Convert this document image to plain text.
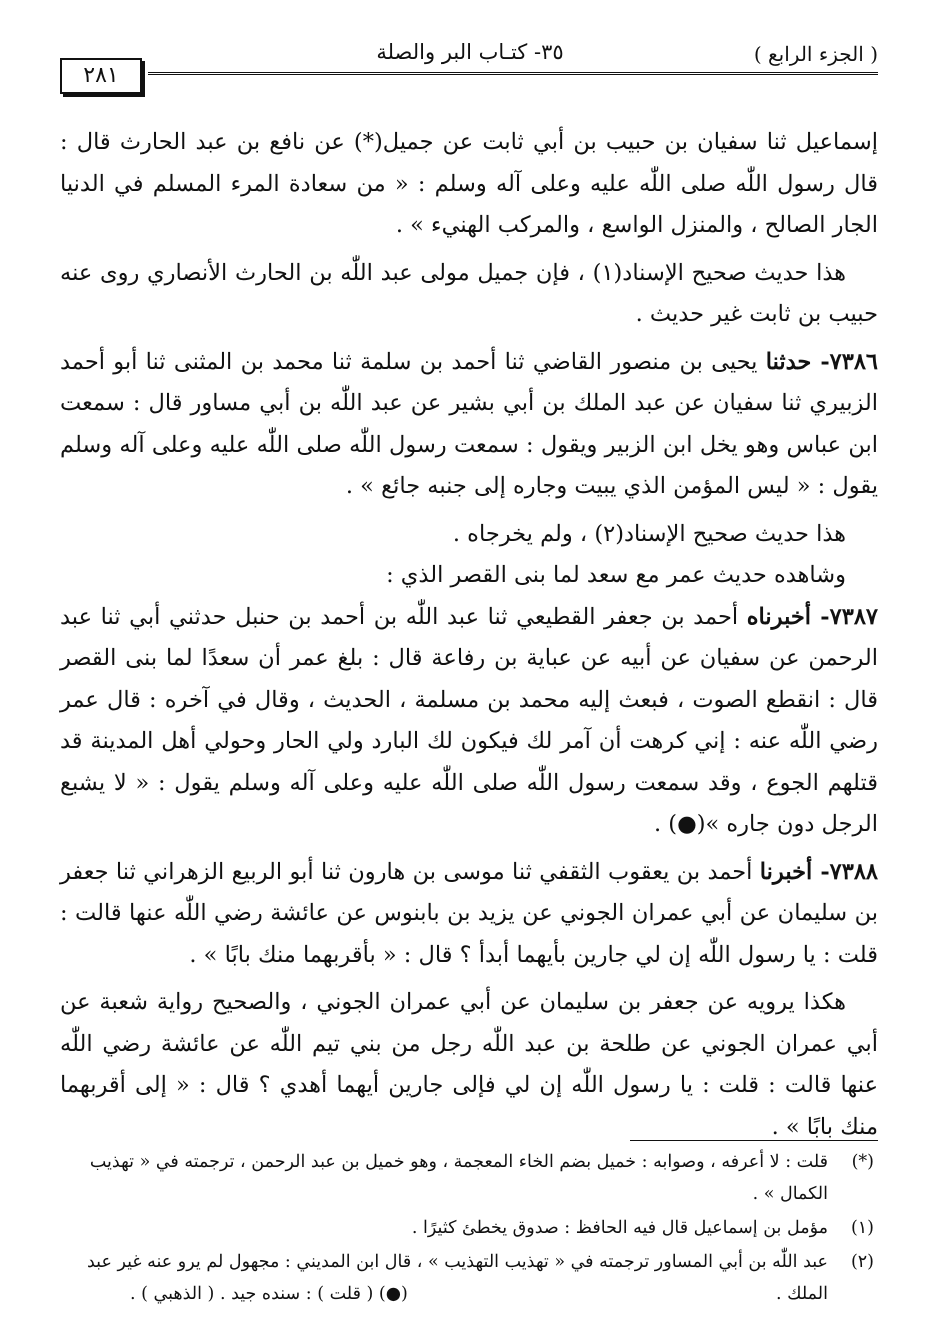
( الجزء الرابع )
٣٥- كتـاب البر والصلة
٢٨١

إسماعيل ثنا سفيان بن حبيب بن أبي ثابت عن جميل(*) عن نافع بن عبد الحارث قال : قال رسول اللّٰه صلى اللّٰه عليه وعلى آله وسلم : « من سعادة المرء المسلم في الدنيا الجار الصالح ، والمنزل الواسع ، والمركب الهنيء » .

هذا حديث صحيح الإسناد(١) ، فإن جميل مولى عبد اللّٰه بن الحارث الأنصاري روى عنه حبيب بن ثابت غير حديث .

٧٣٨٦- حدثنا يحيى بن منصور القاضي ثنا أحمد بن سلمة ثنا محمد بن المثنى ثنا أبو أحمد الزبيري ثنا سفيان عن عبد الملك بن أبي بشير عن عبد اللّٰه بن أبي مساور قال : سمعت ابن عباس وهو يخل ابن الزبير ويقول : سمعت رسول اللّٰه صلى اللّٰه عليه وعلى آله وسلم يقول : « ليس المؤمن الذي يبيت وجاره إلى جنبه جائع » .

هذا حديث صحيح الإسناد(٢) ، ولم يخرجاه .

وشاهده حديث عمر مع سعد لما بنى القصر الذي :

٧٣٨٧- أخبرناه أحمد بن جعفر القطيعي ثنا عبد اللّٰه بن أحمد بن حنبل حدثني أبي ثنا عبد الرحمن عن سفيان عن أبيه عن عباية بن رفاعة قال : بلغ عمر أن سعدًا لما بنى القصر قال : انقطع الصوت ، فبعث إليه محمد بن مسلمة ، الحديث ، وقال في آخره : قال عمر رضي اللّٰه عنه : إني كرهت أن آمر لك فيكون لك البارد ولي الحار وحولي أهل المدينة قد قتلهم الجوع ، وقد سمعت رسول اللّٰه صلى اللّٰه عليه وعلى آله وسلم يقول : « لا يشبع الرجل دون جاره »(●) .

٧٣٨٨- أخبرنا أحمد بن يعقوب الثقفي ثنا موسى بن هارون ثنا أبو الربيع الزهراني ثنا جعفر بن سليمان عن أبي عمران الجوني عن يزيد بن بابنوس عن عائشة رضي اللّٰه عنها قالت : قلت : يا رسول اللّٰه إن لي جارين بأيهما أبدأ ؟ قال : « بأقربهما منك بابًا » .

هكذا يرويه عن جعفر بن سليمان عن أبي عمران الجوني ، والصحيح رواية شعبة عن أبي عمران الجوني عن طلحة بن عبد اللّٰه رجل من بني تيم اللّٰه عن عائشة رضي اللّٰه عنها قالت : قلت : يا رسول اللّٰه إن لي فإلى جارين أيهما أهدي ؟ قال : « إلى أقربهما منك بابًا » .

(*)
قلت : لا أعرفه ، وصوابه : خميل بضم الخاء المعجمة ، وهو خميل بن عبد الرحمن ، ترجمته في « تهذيب الكمال » .

(١)
مؤمل بن إسماعيل قال فيه الحافظ : صدوق يخطئ كثيرًا .

(٢)
عبد اللّٰه بن أبي المساور ترجمته في « تهذيب التهذيب » ، قال ابن المديني : مجهول لم يرو عنه غير عبد الملك .
(●) ( قلت ) : سنده جيد . ( الذهبي ) .
